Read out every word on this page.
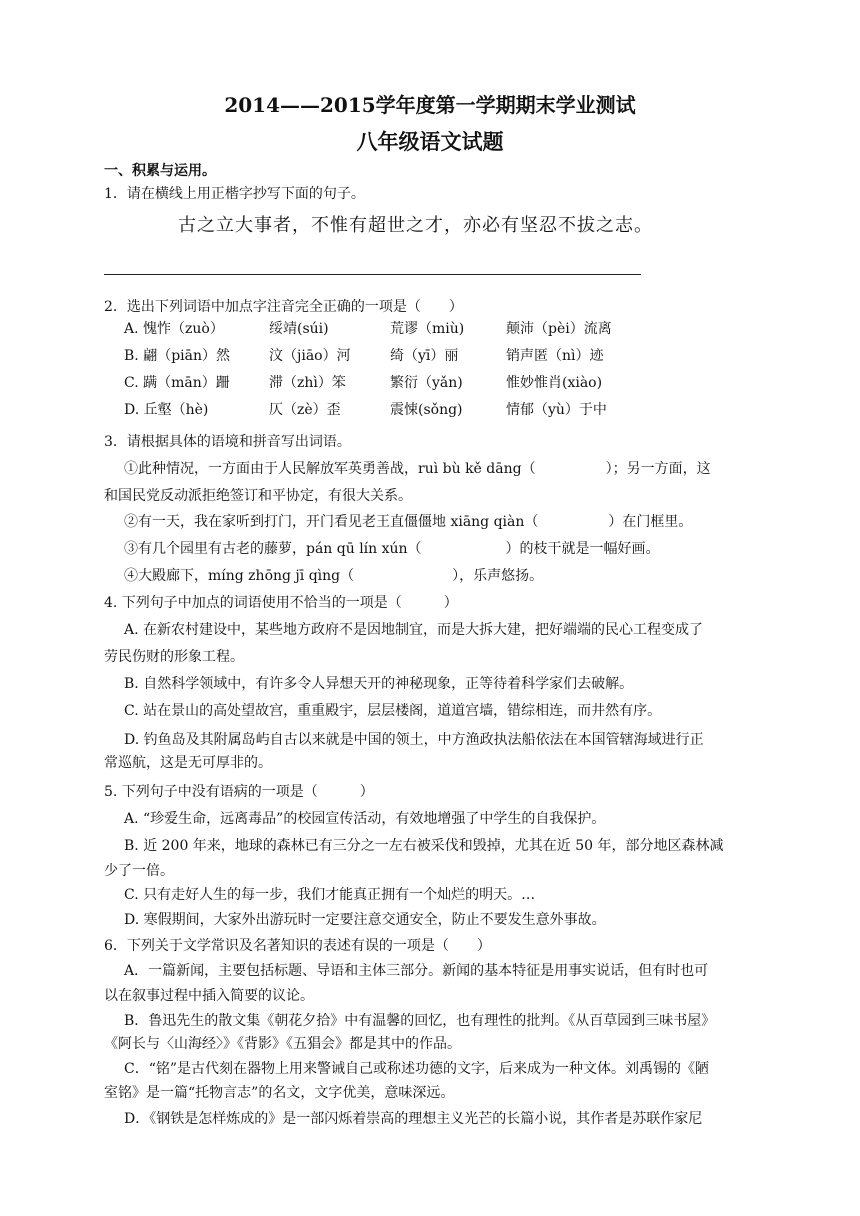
2014——2015学年度第一学期期末学业测试
八年级语文试题
一、积累与运用。
1．请在横线上用正楷字抄写下面的句子。
古之立大事者，不惟有超世之才，亦必有坚忍不拔之志。
2．选出下列词语中加点字注音完全正确的一项是（　　）
A. 愧怍（zuò）	绥靖(súi)	荒谬（miù)	颠沛（pèi）流离
B. 翩（piān）然	汶（jiāo）河	绮（yī）丽	销声匿（nì）迹
C. 蹒（mān）跚	滞（zhì）笨	繁衍（yǎn)	惟妙惟肖(xiào)
D. 丘壑（hè)	仄（zè）歪	震悚(sǒng)	情郁（yù）于中
3．请根据具体的语境和拼音写出词语。
①此种情况，一方面由于人民解放军英勇善战，ruì bù kě dāng（　　　　　）；另一方面，这
和国民党反动派拒绝签订和平协定，有很大关系。
②有一天，我在家听到打门，开门看见老王直僵僵地 xiāng qiàn（　　　　　）在门框里。
③有几个园里有古老的藤萝，pán qū lín xún（　　　　　　）的枝干就是一幅好画。
④大殿廊下，míng zhōng jī qìng（　　　　　　　），乐声悠扬。
4. 下列句子中加点的词语使用不恰当的一项是（　　　）
A. 在新农村建设中，某些地方政府不是因地制宜，而是大拆大建，把好端端的民心工程变成了
劳民伤财的形象工程。
B. 自然科学领域中，有许多令人异想天开的神秘现象，正等待着科学家们去破解。
C. 站在景山的高处望故宫，重重殿宇，层层楼阁，道道宫墙，错综相连，而井然有序。
D. 钓鱼岛及其附属岛屿自古以来就是中国的领土，中方渔政执法船依法在本国管辖海域进行正
常巡航，这是无可厚非的。
5. 下列句子中没有语病的一项是（　　　）
A. “珍爱生命，远离毒品”的校园宣传活动，有效地增强了中学生的自我保护。
B. 近 200 年来，地球的森林已有三分之一左右被采伐和毁掉，尤其在近 50 年，部分地区森林减
少了一倍。
C. 只有走好人生的每一步，我们才能真正拥有一个灿烂的明天。…
D. 寒假期间，大家外出游玩时一定要注意交通安全，防止不要发生意外事故。
6．下列关于文学常识及名著知识的表述有误的一项是（　　）
A．一篇新闻，主要包括标题、导语和主体三部分。新闻的基本特征是用事实说话，但有时也可
以在叙事过程中插入简要的议论。
B．鲁迅先生的散文集《朝花夕拾》中有温馨的回忆，也有理性的批判。《从百草园到三味书屋》
《阿长与〈山海经〉》《背影》《五猖会》都是其中的作品。
C．“铭”是古代刻在器物上用来警诫自己或称述功德的文字，后来成为一种文体。刘禹锡的《陋
室铭》是一篇“托物言志”的名文，文字优美，意味深远。
D．《钢铁是怎样炼成的》是一部闪烁着崇高的理想主义光芒的长篇小说，其作者是苏联作家尼
